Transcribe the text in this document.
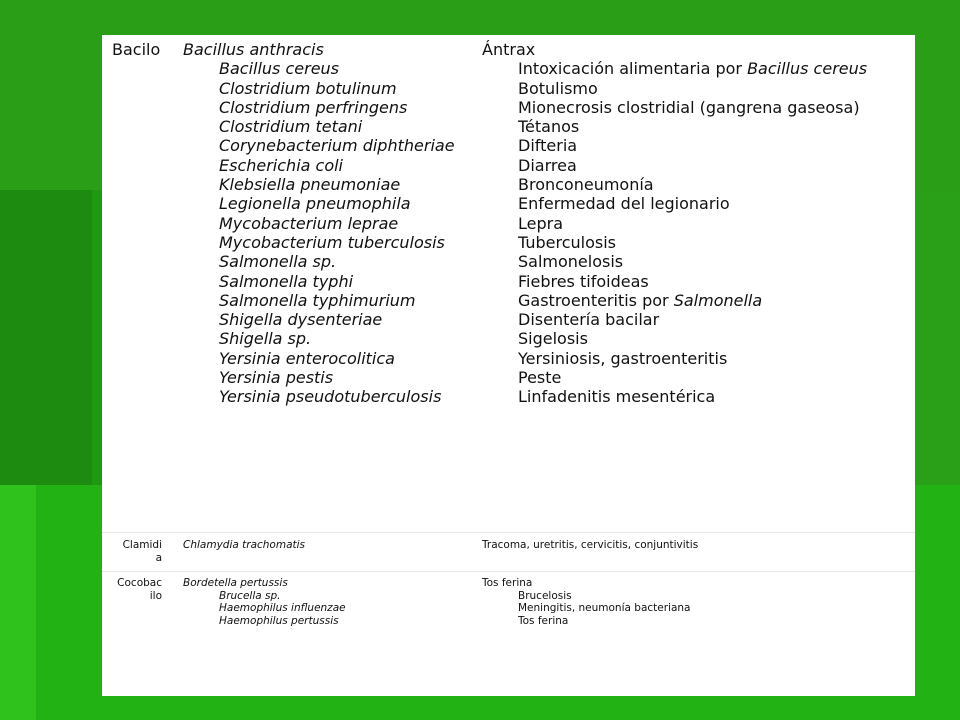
Bacilo Bacillus anthracis
Bacillus cereus
Clostridium botulinum
Clostridium perfringens
Clostridium tetani
Corynebacterium diphtheriae
Escherichia coli
Klebsiella pneumoniae
Legionella pneumophila
Mycobacterium leprae
Mycobacterium tuberculosis
Salmonella sp.
Salmonella typhi
Salmonella typhimurium
Shigella dysenteriae
Shigella sp.
Yersinia enterocolitica
Yersinia pestis
Yersinia pseudotuberculosis
Ántrax
Intoxicación alimentaria por Bacillus cereus
Botulismo
Mionecrosis clostridial (gangrena gaseosa)
Tétanos
Difteria
Diarrea
Bronconeumonía
Enfermedad del legionario
Lepra
Tuberculosis
Salmonelosis
Fiebres tifoideas
Gastroenteritis por Salmonella
Disentería bacilar
Sigelosis
Yersiniosis, gastroenteritis
Peste
Linfadenitis mesentérica
Clamidi
a
Chlamydia trachomatis	Tracoma, uretritis, cervicitis, conjuntivitis
Cocobac
ilo
Bordetella pertussis
Brucella sp.
Haemophilus influenzae
Haemophilus pertussis
Tos ferina
Brucelosis
Meningitis, neumonía bacteriana
Tos ferina
